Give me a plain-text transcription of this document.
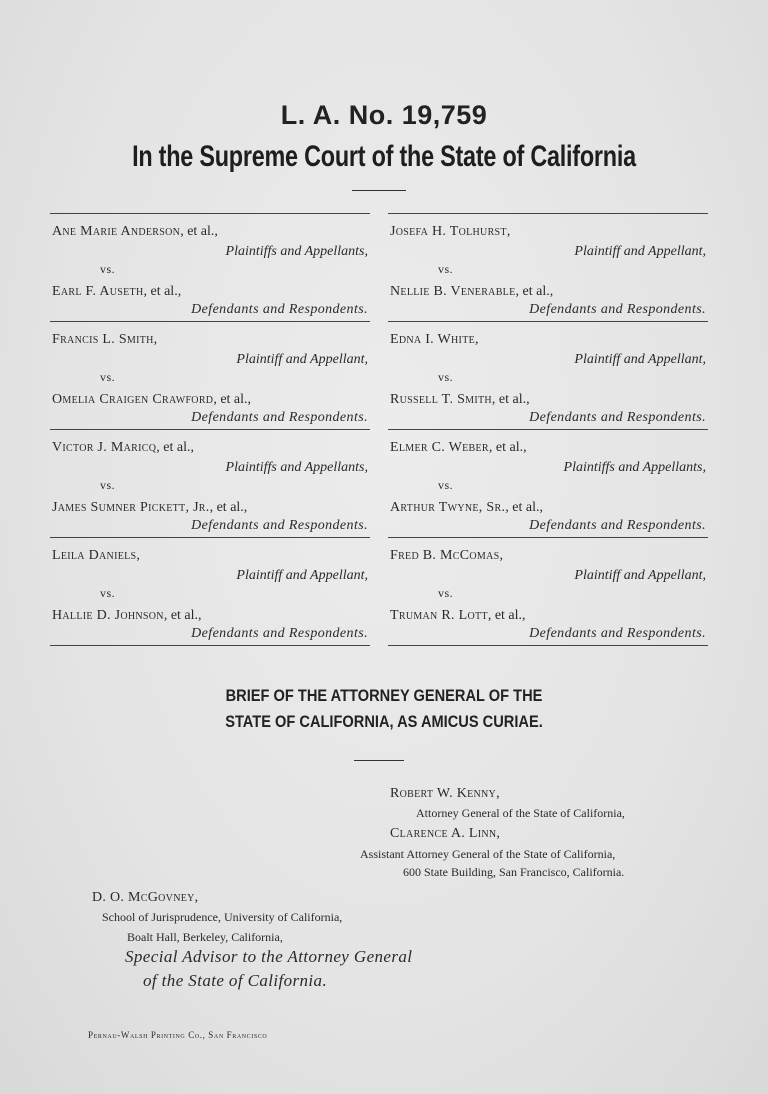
L. A. No. 19,759
In the Supreme Court of the State of California
Ane Marie Anderson, et al.,
Plaintiffs and Appellants,
vs.
Earl F. Auseth, et al.,
Defendants and Respondents.
Francis L. Smith,
Plaintiff and Appellant,
vs.
Omelia Craigen Crawford, et al.,
Defendants and Respondents.
Victor J. Maricq, et al.,
Plaintiffs and Appellants,
vs.
James Sumner Pickett, Jr., et al.,
Defendants and Respondents.
Leila Daniels,
Plaintiff and Appellant,
vs.
Hallie D. Johnson, et al.,
Defendants and Respondents.
Josefa H. Tolhurst,
Plaintiff and Appellant,
vs.
Nellie B. Venerable, et al.,
Defendants and Respondents.
Edna I. White,
Plaintiff and Appellant,
vs.
Russell T. Smith, et al.,
Defendants and Respondents.
Elmer C. Weber, et al.,
Plaintiffs and Appellants,
vs.
Arthur Twyne, Sr., et al.,
Defendants and Respondents.
Fred B. McComas,
Plaintiff and Appellant,
vs.
Truman R. Lott, et al.,
Defendants and Respondents.
BRIEF OF THE ATTORNEY GENERAL OF THE
STATE OF CALIFORNIA, AS AMICUS CURIAE.
Robert W. Kenny,
Attorney General of the State of California,
Clarence A. Linn,
Assistant Attorney General of the State of California,
600 State Building, San Francisco, California.
D. O. McGovney,
School of Jurisprudence, University of California,
Boalt Hall, Berkeley, California,
Special Advisor to the Attorney General
of the State of California.
Pernau-Walsh Printing Co., San Francisco
